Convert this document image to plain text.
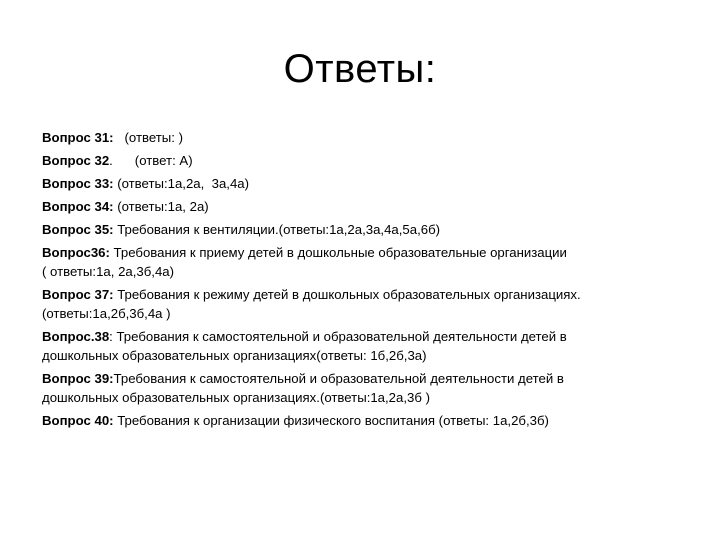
Ответы:
Вопрос 31:   (ответы: )
Вопрос 32.      (ответ: А)
Вопрос 33: (ответы:1а,2а,  3а,4а)
Вопрос 34: (ответы:1а, 2а)
Вопрос 35: Требования к вентиляции.(ответы:1а,2а,3а,4а,5а,6б)
Вопрос36: Требования к приему детей в дошкольные образовательные организации
( ответы:1а, 2а,3б,4а)
Вопрос 37: Требования к режиму детей в дошкольных образовательных организациях.
(ответы:1а,2б,3б,4а )
Вопрос.38: Требования к самостоятельной и образовательной деятельности детей в
дошкольных образовательных организациях(ответы: 1б,2б,3а)
Вопрос 39:Требования к самостоятельной и образовательной деятельности детей в
дошкольных образовательных организациях.(ответы:1а,2а,3б )
Вопрос 40: Требования к организации физического воспитания (ответы: 1а,2б,3б)
